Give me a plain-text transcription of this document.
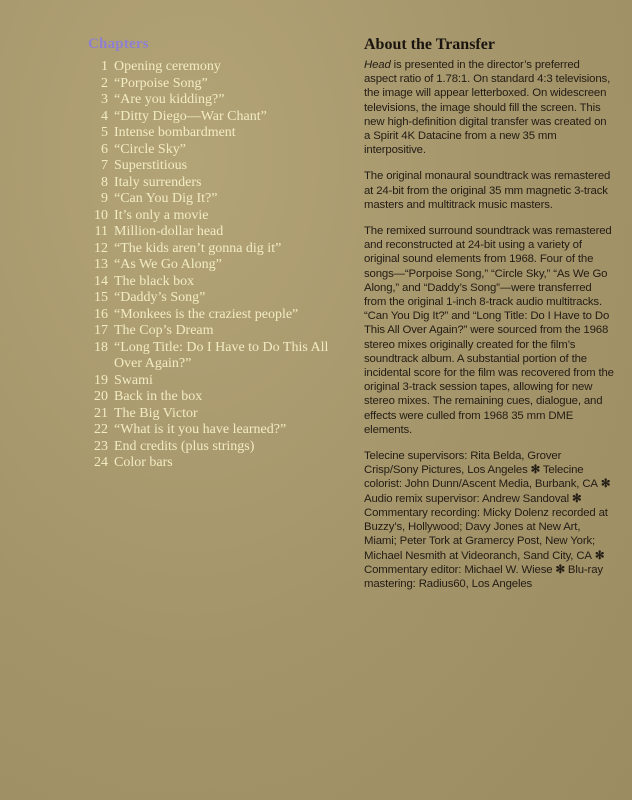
Chapters
1 Opening ceremony
2 “Porpoise Song”
3 “Are you kidding?”
4 “Ditty Diego—War Chant”
5 Intense bombardment
6 “Circle Sky”
7 Superstitious
8 Italy surrenders
9 “Can You Dig It?”
10 It’s only a movie
11 Million-dollar head
12 “The kids aren’t gonna dig it”
13 “As We Go Along”
14 The black box
15 “Daddy’s Song”
16 “Monkees is the craziest people”
17 The Cop’s Dream
18 “Long Title: Do I Have to Do This All Over Again?”
19 Swami
20 Back in the box
21 The Big Victor
22 “What is it you have learned?”
23 End credits (plus strings)
24 Color bars
About the Transfer

Head is presented in the director’s preferred aspect ratio of 1.78:1. On standard 4:3 televisions, the image will appear letterboxed. On widescreen televisions, the image should fill the screen. This new high-definition digital transfer was created on a Spirit 4K Datacine from a new 35 mm interpositive.

The original monaural soundtrack was remastered at 24-bit from the original 35 mm magnetic 3-track masters and multitrack music masters.

The remixed surround soundtrack was remastered and reconstructed at 24-bit using a variety of original sound elements from 1968. Four of the songs—“Porpoise Song,” “Circle Sky,” “As We Go Along,” and “Daddy’s Song”—were transferred from the original 1-inch 8-track audio multitracks. “Can You Dig It?” and “Long Title: Do I Have to Do This All Over Again?” were sourced from the 1968 stereo mixes originally created for the film’s soundtrack album. A substantial portion of the incidental score for the film was recovered from the original 3-track session tapes, allowing for new stereo mixes. The remaining cues, dialogue, and effects were culled from 1968 35 mm DME elements.

Telecine supervisors: Rita Belda, Grover Crisp/Sony Pictures, Los Angeles ✻ Telecine colorist: John Dunn/Ascent Media, Burbank, CA ✻ Audio remix supervisor: Andrew Sandoval ✻ Commentary recording: Micky Dolenz recorded at Buzzy’s, Hollywood; Davy Jones at New Art, Miami; Peter Tork at Gramercy Post, New York; Michael Nesmith at Videoranch, Sand City, CA ✻ Commentary editor: Michael W. Wiese ✻ Blu-ray mastering: Radius60, Los Angeles
